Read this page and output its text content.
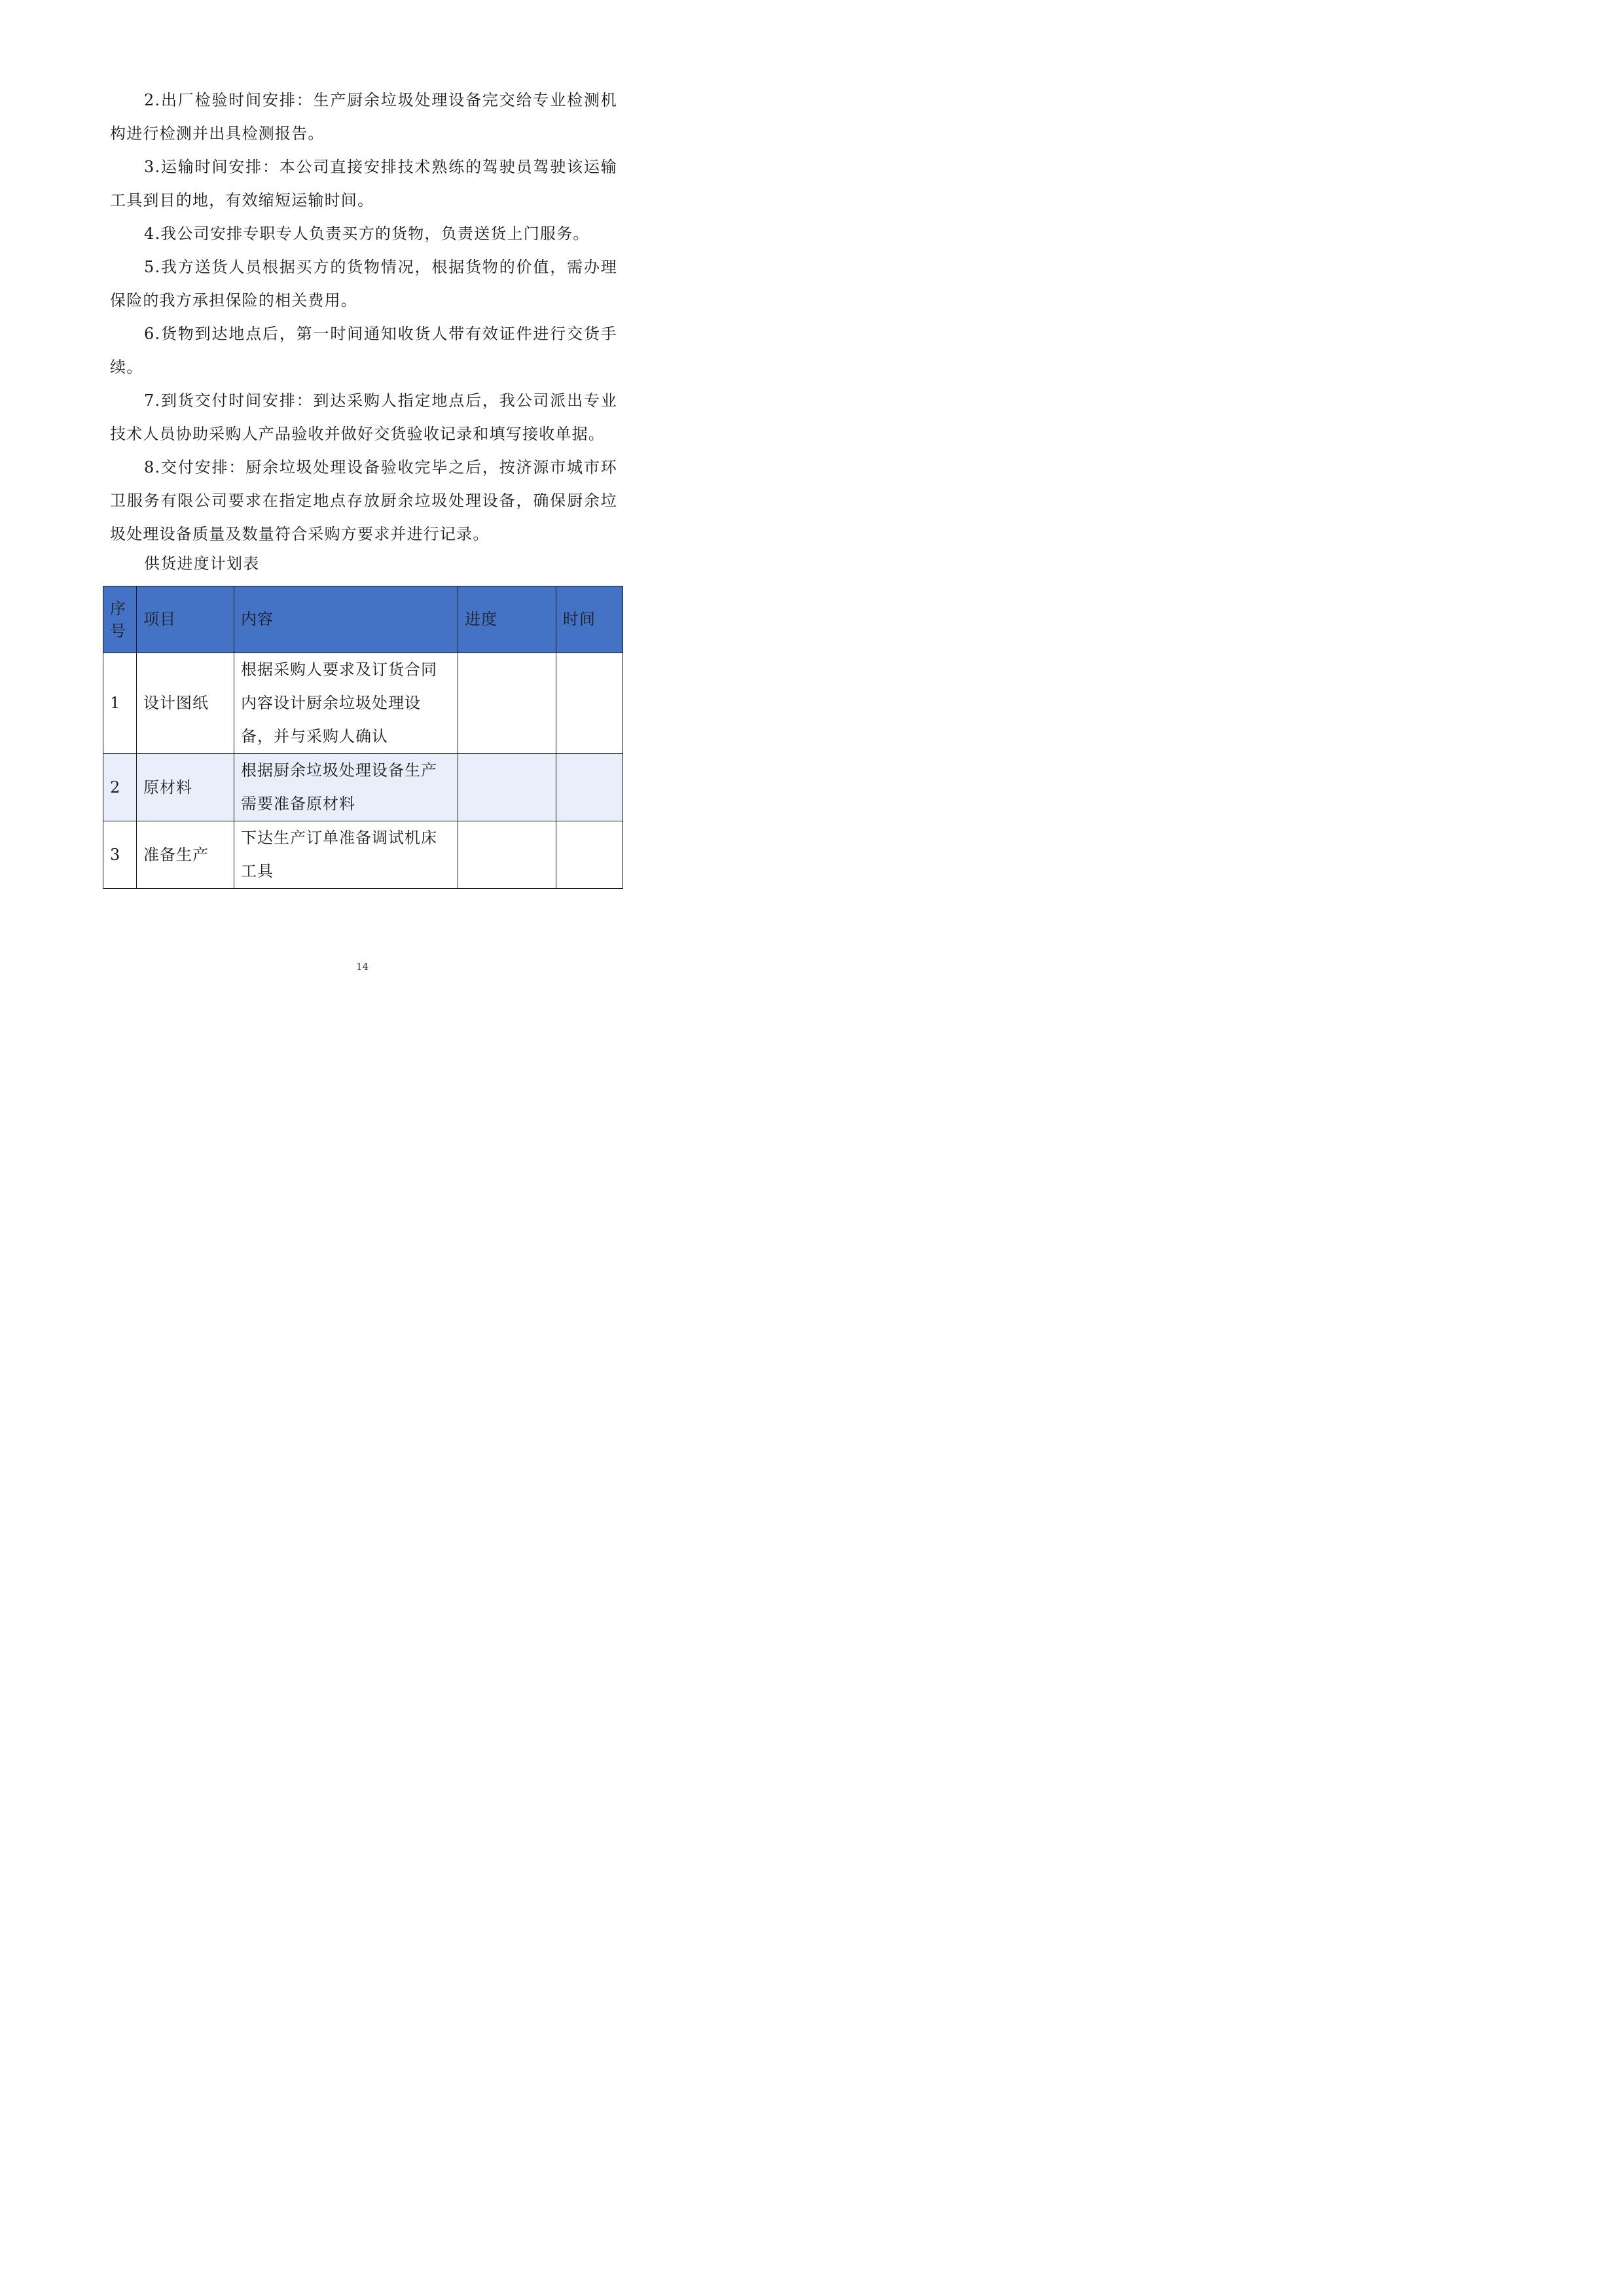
2.出厂检验时间安排：生产厨余垃圾处理设备完交给专业检测机构进行检测并出具检测报告。

3.运输时间安排：本公司直接安排技术熟练的驾驶员驾驶该运输工具到目的地，有效缩短运输时间。

4.我公司安排专职专人负责买方的货物，负责送货上门服务。

5.我方送货人员根据买方的货物情况，根据货物的价值，需办理保险的我方承担保险的相关费用。

6.货物到达地点后，第一时间通知收货人带有效证件进行交货手续。

7.到货交付时间安排：到达采购人指定地点后，我公司派出专业技术人员协助采购人产品验收并做好交货验收记录和填写接收单据。

8.交付安排：厨余垃圾处理设备验收完毕之后，按济源市城市环卫服务有限公司要求在指定地点存放厨余垃圾处理设备，确保厨余垃圾处理设备质量及数量符合采购方要求并进行记录。

供货进度计划表
序号	项目	内容	进度	时间
1	设计图纸	根据采购人要求及订货合同内容设计厨余垃圾处理设备，并与采购人确认		
2	原材料	根据厨余垃圾处理设备生产需要准备原材料		
3	准备生产	下达生产订单准备调试机床工具		
14
